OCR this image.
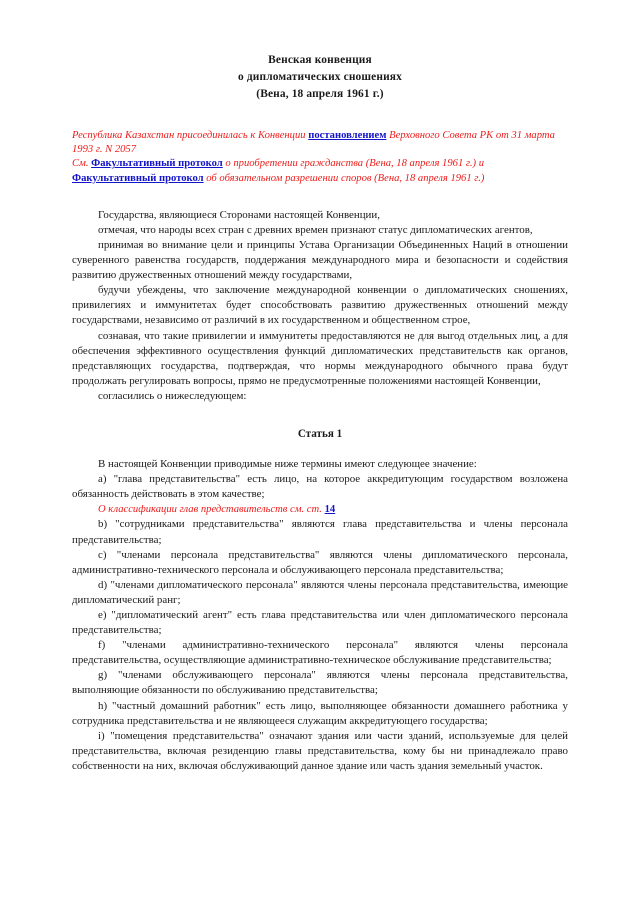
Венская конвенция
о дипломатических сношениях
(Вена, 18 апреля 1961 г.)
Республика Казахстан присоединилась к Конвенции постановлением Верховного Совета РК от 31 марта 1993 г. N 2057
См. Факультативный протокол о приобретении гражданства (Вена, 18 апреля 1961 г.) и Факультативный протокол об обязательном разрешении споров (Вена, 18 апреля 1961 г.)

Государства, являющиеся Сторонами настоящей Конвенции,

отмечая, что народы всех стран с древних времен признают статус дипломатических агентов,

принимая во внимание цели и принципы Устава Организации Объединенных Наций в отношении суверенного равенства государств, поддержания международного мира и безопасности и содействия развитию дружественных отношений между государствами,

будучи убеждены, что заключение международной конвенции о дипломатических сношениях, привилегиях и иммунитетах будет способствовать развитию дружественных отношений между государствами, независимо от различий в их государственном и общественном строе,

сознавая, что такие привилегии и иммунитеты предоставляются не для выгод отдельных лиц, а для обеспечения эффективного осуществления функций дипломатических представительств как органов, представляющих государства, подтверждая, что нормы международного обычного права будут продолжать регулировать вопросы, прямо не предусмотренные положениями настоящей Конвенции,

согласились о нижеследующем:

Статья 1

В настоящей Конвенции приводимые ниже термины имеют следующее значение:

a) "глава представительства" есть лицо, на которое аккредитующим государством возложена обязанность действовать в этом качестве;

О классификации глав представительств см. ст. 14

b) "сотрудниками представительства" являются глава представительства и члены персонала представительства;

c) "членами персонала представительства" являются члены дипломатического персонала, административно-технического персонала и обслуживающего персонала представительства;

d) "членами дипломатического персонала" являются члены персонала представительства, имеющие дипломатический ранг;

e) "дипломатический агент" есть глава представительства или член дипломатического персонала представительства;

f) "членами административно-технического персонала" являются члены персонала представительства, осуществляющие административно-техническое обслуживание представительства;

g) "членами обслуживающего персонала" являются члены персонала представительства, выполняющие обязанности по обслуживанию представительства;

h) "частный домашний работник" есть лицо, выполняющее обязанности домашнего работника у сотрудника представительства и не являющееся служащим аккредитующего государства;

i) "помещения представительства" означают здания или части зданий, используемые для целей представительства, включая резиденцию главы представительства, кому бы ни принадлежало право собственности на них, включая обслуживающий данное здание или часть здания земельный участок.
